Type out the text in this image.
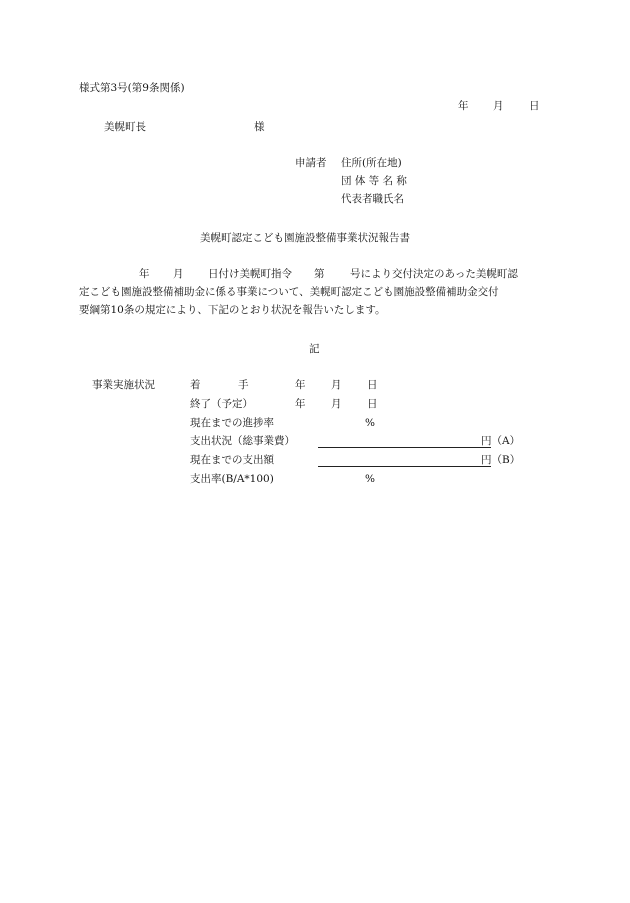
様式第3号(第9条関係)
年 月 日
美幌町長	様
申請者 住所(所在地)
団 体 等 名 称
代表者職氏名
美幌町認定こども園施設整備事業状況報告書
年 月 日付け美幌町指令 第 号により交付決定のあった美幌町認
定こども園施設整備補助金に係る事業について、美幌町認定こども園施設整備補助金交付
要綱第10条の規定により、下記のとおり状況を報告いたします。
記
事業実施状況	着	手	年 月 日
終了（予定）	年 月 日
現在までの進捗率	%
支出状況（総事業費）	円（A）
現在までの支出額	円（B）
支出率(B/A*100)	%
